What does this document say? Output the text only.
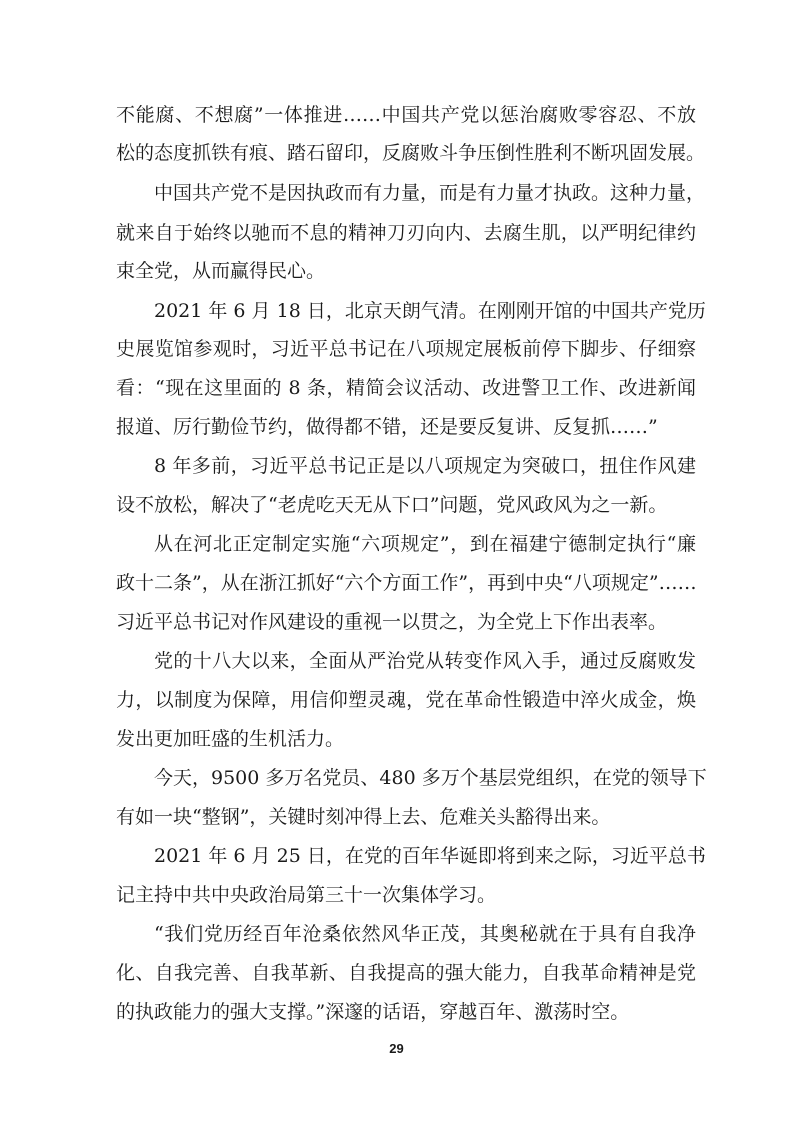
不能腐、不想腐”一体推进……中国共产党以惩治腐败零容忍、不放
松的态度抓铁有痕、踏石留印，反腐败斗争压倒性胜利不断巩固发展。
中国共产党不是因执政而有力量，而是有力量才执政。这种力量，
就来自于始终以驰而不息的精神刀刃向内、去腐生肌，以严明纪律约
束全党，从而赢得民心。
2021 年 6 月 18 日，北京天朗气清。在刚刚开馆的中国共产党历
史展览馆参观时，习近平总书记在八项规定展板前停下脚步、仔细察
看：“现在这里面的 8 条，精简会议活动、改进警卫工作、改进新闻
报道、厉行勤俭节约，做得都不错，还是要反复讲、反复抓……”
8 年多前，习近平总书记正是以八项规定为突破口，扭住作风建
设不放松，解决了“老虎吃天无从下口”问题，党风政风为之一新。
从在河北正定制定实施“六项规定”，到在福建宁德制定执行“廉
政十二条”，从在浙江抓好“六个方面工作”，再到中央“八项规定”……
习近平总书记对作风建设的重视一以贯之，为全党上下作出表率。
党的十八大以来，全面从严治党从转变作风入手，通过反腐败发
力，以制度为保障，用信仰塑灵魂，党在革命性锻造中淬火成金，焕
发出更加旺盛的生机活力。
今天，9500 多万名党员、480 多万个基层党组织，在党的领导下
有如一块“整钢”，关键时刻冲得上去、危难关头豁得出来。
2021 年 6 月 25 日，在党的百年华诞即将到来之际，习近平总书
记主持中共中央政治局第三十一次集体学习。
“我们党历经百年沧桑依然风华正茂，其奥秘就在于具有自我净
化、自我完善、自我革新、自我提高的强大能力，自我革命精神是党
的执政能力的强大支撑。”深邃的话语，穿越百年、激荡时空。
29
